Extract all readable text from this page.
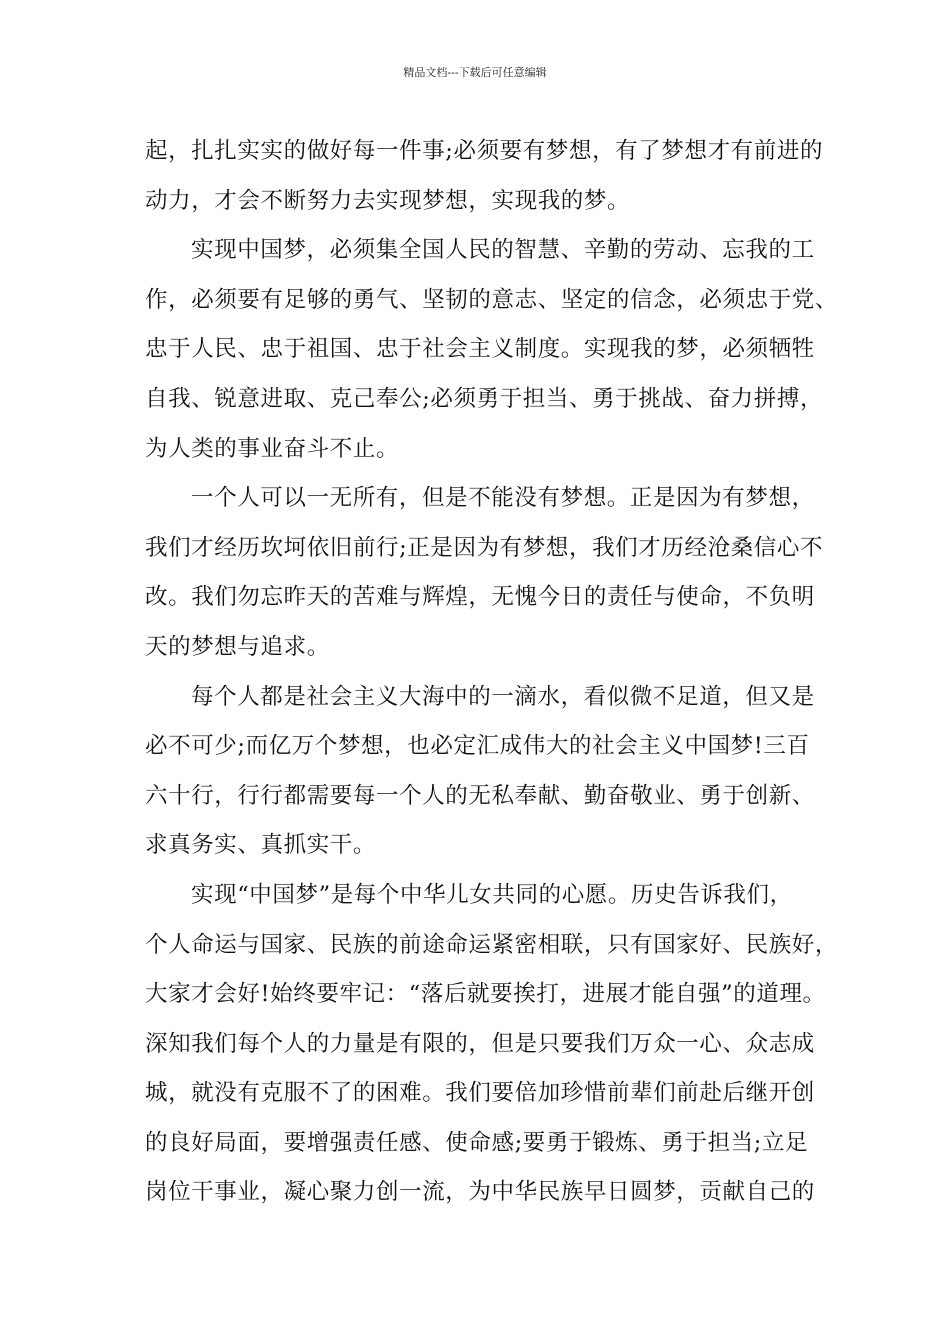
精品文档---下载后可任意编辑
起，扎扎实实的做好每一件事;必须要有梦想，有了梦想才有前进的
动力，才会不断努力去实现梦想，实现我的梦。
实现中国梦，必须集全国人民的智慧、辛勤的劳动、忘我的工
作，必须要有足够的勇气、坚韧的意志、坚定的信念，必须忠于党、
忠于人民、忠于祖国、忠于社会主义制度。实现我的梦，必须牺牲
自我、锐意进取、克己奉公;必须勇于担当、勇于挑战、奋力拼搏，
为人类的事业奋斗不止。
一个人可以一无所有，但是不能没有梦想。正是因为有梦想，
我们才经历坎坷依旧前行;正是因为有梦想，我们才历经沧桑信心不
改。我们勿忘昨天的苦难与辉煌，无愧今日的责任与使命，不负明
天的梦想与追求。
每个人都是社会主义大海中的一滴水，看似微不足道，但又是
必不可少;而亿万个梦想，也必定汇成伟大的社会主义中国梦!三百
六十行，行行都需要每一个人的无私奉献、勤奋敬业、勇于创新、
求真务实、真抓实干。
实现“中国梦”是每个中华儿女共同的心愿。历史告诉我们，
个人命运与国家、民族的前途命运紧密相联，只有国家好、民族好，
大家才会好!始终要牢记：“落后就要挨打，进展才能自强”的道理。
深知我们每个人的力量是有限的，但是只要我们万众一心、众志成
城，就没有克服不了的困难。我们要倍加珍惜前辈们前赴后继开创
的良好局面，要增强责任感、使命感;要勇于锻炼、勇于担当;立足
岗位干事业，凝心聚力创一流，为中华民族早日圆梦，贡献自己的
